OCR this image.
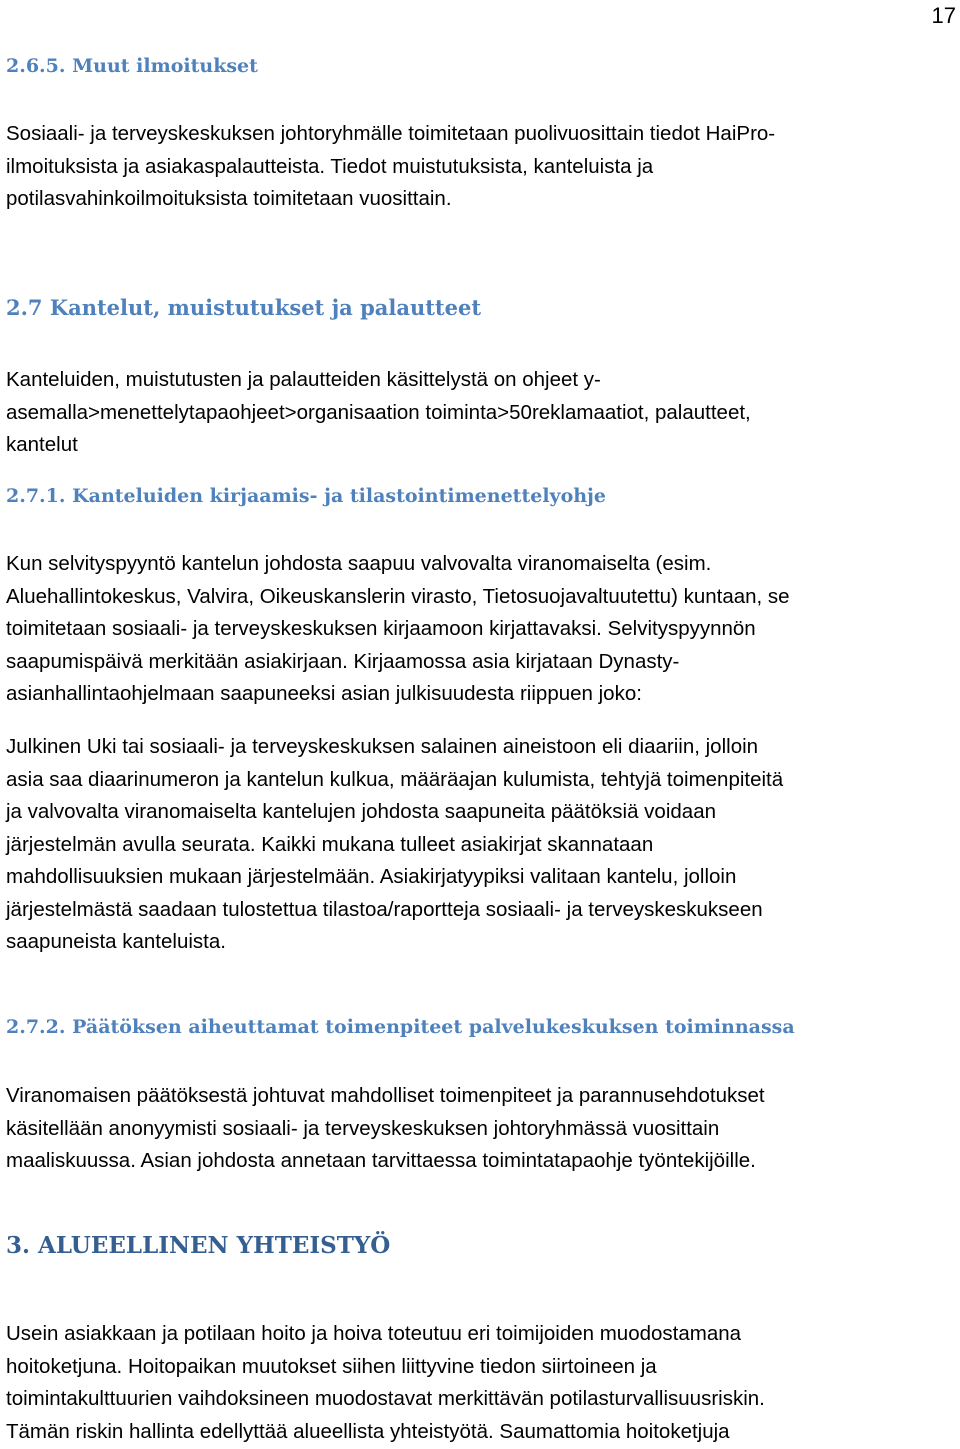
17
2.6.5. Muut ilmoitukset
Sosiaali- ja terveyskeskuksen johtoryhmälle toimitetaan puolivuosittain tiedot HaiPro-
ilmoituksista ja asiakaspalautteista. Tiedot muistutuksista, kanteluista ja
potilasvahinkoilmoituksista toimitetaan vuosittain.
2.7 Kantelut, muistutukset ja palautteet
Kanteluiden, muistutusten ja palautteiden käsittelystä on ohjeet y-
asemalla>menettelytapaohjeet>organisaation toiminta>50reklamaatiot, palautteet,
kantelut
2.7.1. Kanteluiden kirjaamis- ja tilastointimenettelyohje
Kun selvityspyyntö kantelun johdosta saapuu valvovalta viranomaiselta (esim.
Aluehallintokeskus, Valvira, Oikeuskanslerin virasto, Tietosuojavaltuutettu) kuntaan, se
toimitetaan sosiaali- ja terveyskeskuksen kirjaamoon kirjattavaksi. Selvityspyynnön
saapumispäivä merkitään asiakirjaan. Kirjaamossa asia kirjataan Dynasty-
asianhallintaohjelmaan saapuneeksi asian julkisuudesta riippuen joko:
Julkinen Uki tai sosiaali- ja terveyskeskuksen salainen aineistoon eli diaariin, jolloin
asia saa diaarinumeron ja kantelun kulkua, määräajan kulumista, tehtyjä toimenpiteitä
ja valvovalta viranomaiselta kantelujen johdosta saapuneita päätöksiä voidaan
järjestelmän avulla seurata. Kaikki mukana tulleet asiakirjat skannataan
mahdollisuuksien mukaan järjestelmään. Asiakirjatyypiksi valitaan kantelu, jolloin
järjestelmästä saadaan tulostettua tilastoa/raportteja sosiaali- ja terveyskeskukseen
saapuneista kanteluista.
2.7.2. Päätöksen aiheuttamat toimenpiteet palvelukeskuksen toiminnassa
Viranomaisen päätöksestä johtuvat mahdolliset toimenpiteet ja parannusehdotukset
käsitellään anonyymisti sosiaali- ja terveyskeskuksen johtoryhmässä vuosittain
maaliskuussa. Asian johdosta annetaan tarvittaessa toimintatapaohje työntekijöille.
3. ALUEELLINEN YHTEISTYÖ
Usein asiakkaan ja potilaan hoito ja hoiva toteutuu eri toimijoiden muodostamana
hoitoketjuna. Hoitopaikan muutokset siihen liittyvine tiedon siirtoineen ja
toimintakulttuurien vaihdoksineen muodostavat merkittävän potilasturvallisuusriskin.
Tämän riskin hallinta edellyttää alueellista yhteistyötä. Saumattomia hoitoketjuja
